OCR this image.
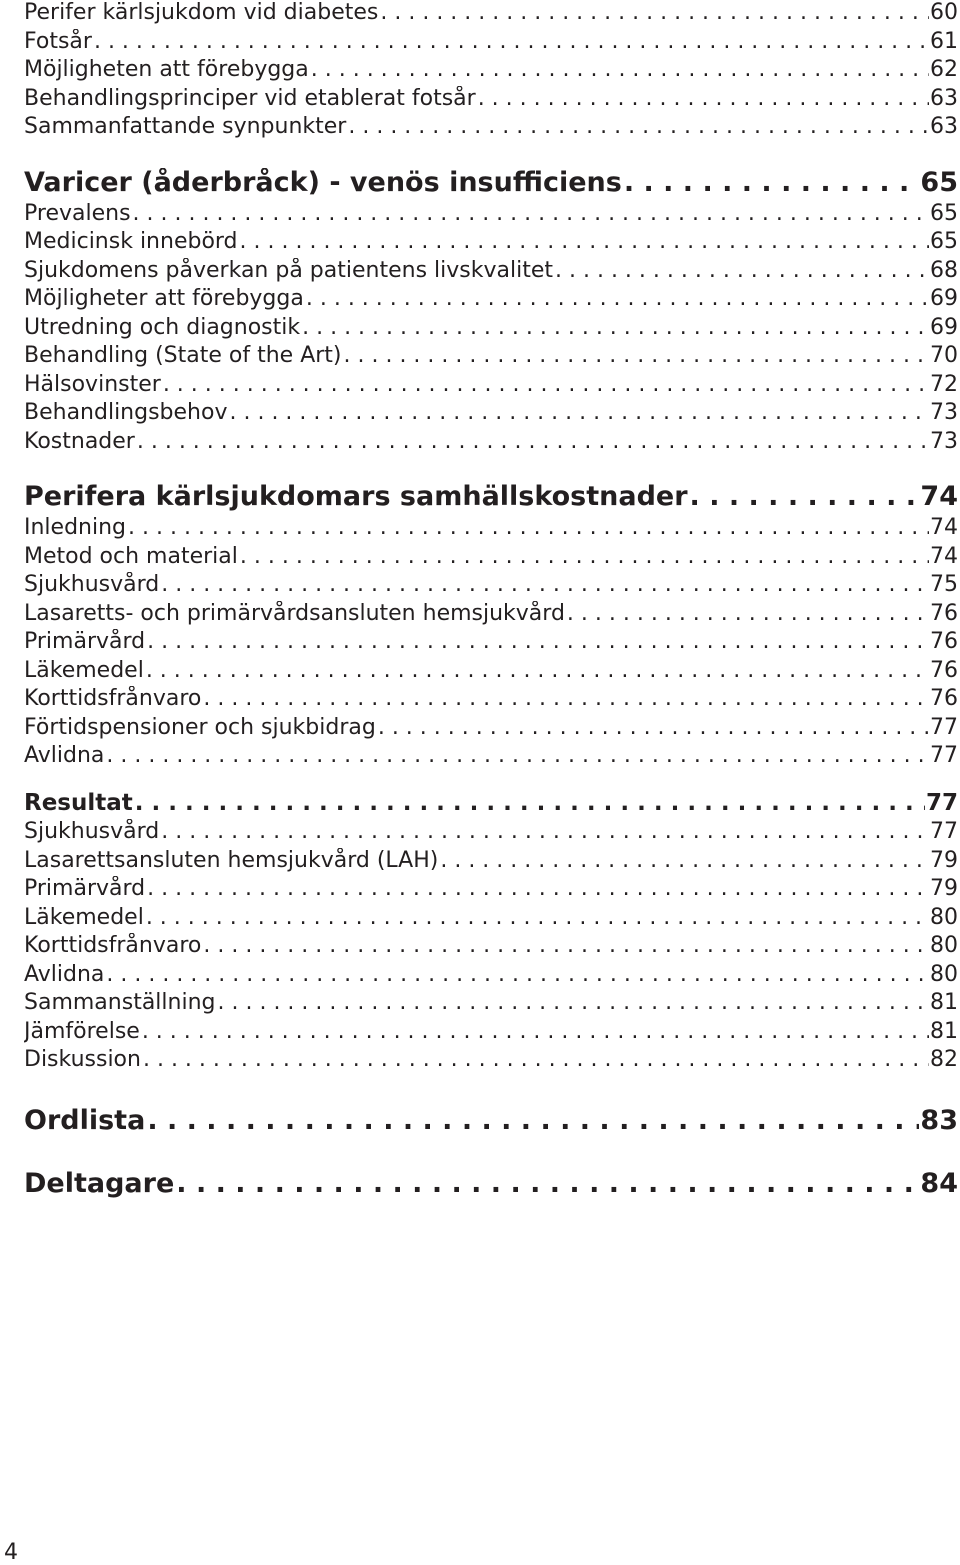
Perifer kärlsjukdom vid diabetes . . .	60
Fotsår . . .	61
Möjligheten att förebygga . . .	62
Behandlingsprinciper vid etablerat fotsår . . .	63
Sammanfattande synpunkter . . .	63
Varicer (åderbråck) - venös insufficiens . . .	65
Prevalens . . .	65
Medicinsk innebörd . . .	65
Sjukdomens påverkan på patientens livskvalitet . . .	68
Möjligheter att förebygga . . .	69
Utredning och diagnostik . . .	69
Behandling (State of the Art) . . .	70
Hälsovinster . . .	72
Behandlingsbehov . . .	73
Kostnader . . .	73
Perifera kärlsjukdomars samhällskostnader . . .	74
Inledning . . .	74
Metod och material . . .	74
Sjukhusvård . . .	75
Lasaretts- och primärvårdsansluten hemsjukvård . . .	76
Primärvård . . .	76
Läkemedel . . .	76
Korttidsfrånvaro . . .	76
Förtidspensioner och sjukbidrag . . .	77
Avlidna . . .	77
Resultat . . .	77
Sjukhusvård . . .	77
Lasarettsansluten hemsjukvård (LAH) . . .	79
Primärvård . . .	79
Läkemedel . . .	80
Korttidsfrånvaro . . .	80
Avlidna . . .	80
Sammanställning . . .	81
Jämförelse . . .	81
Diskussion . . .	82
Ordlista . . .	83
Deltagare . . .	84
4
